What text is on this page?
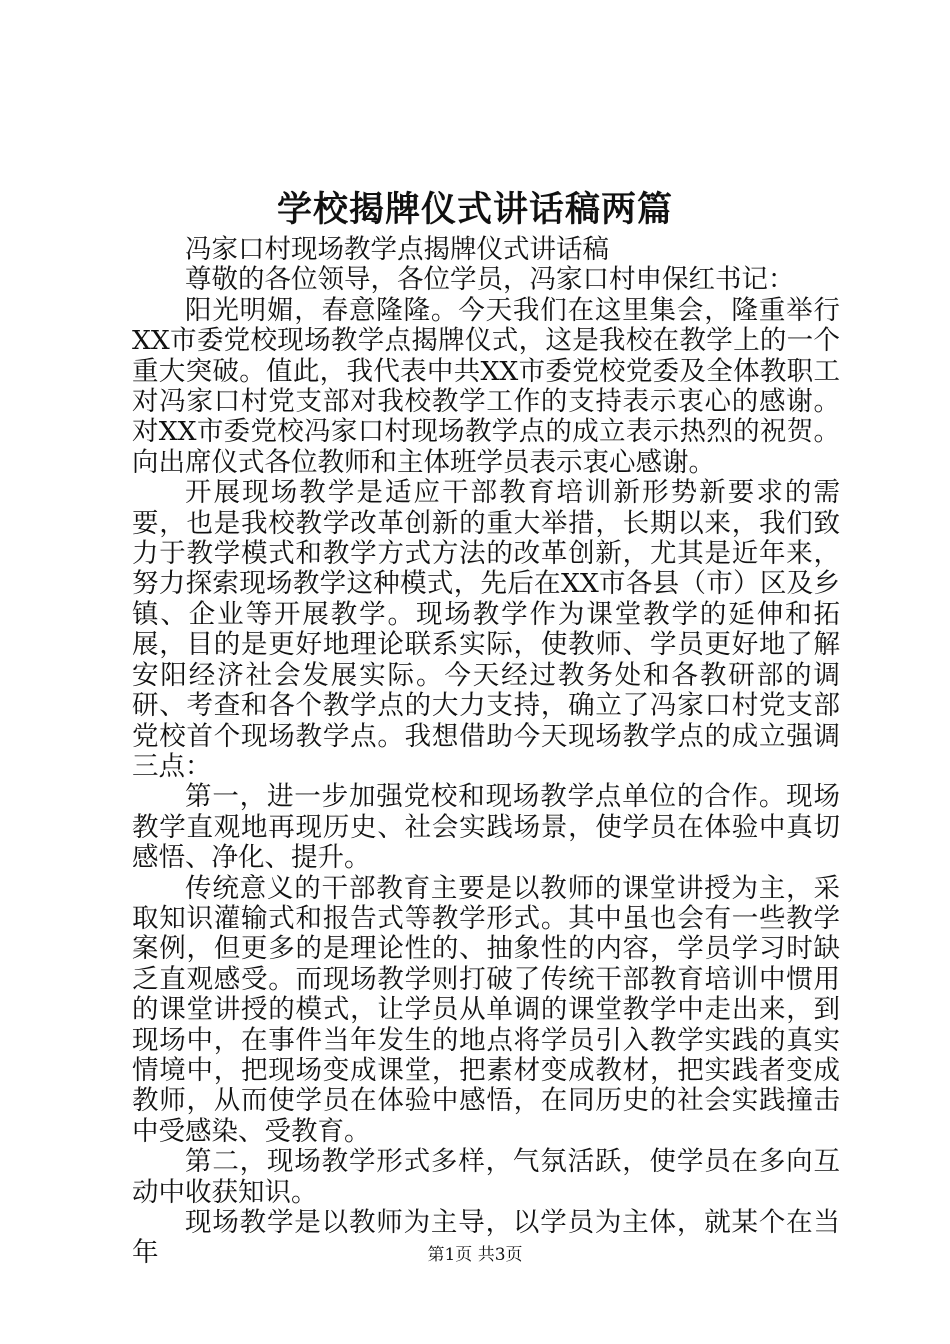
学校揭牌仪式讲话稿两篇

冯家口村现场教学点揭牌仪式讲话稿

尊敬的各位领导，各位学员，冯家口村申保红书记：

阳光明媚，春意隆隆。今天我们在这里集会，隆重举行XX市委党校现场教学点揭牌仪式，这是我校在教学上的一个重大突破。值此，我代表中共XX市委党校党委及全体教职工对冯家口村党支部对我校教学工作的支持表示衷心的感谢。对XX市委党校冯家口村现场教学点的成立表示热烈的祝贺。向出席仪式各位教师和主体班学员表示衷心感谢。

开展现场教学是适应干部教育培训新形势新要求的需要，也是我校教学改革创新的重大举措，长期以来，我们致力于教学模式和教学方式方法的改革创新，尤其是近年来，努力探索现场教学这种模式，先后在XX市各县（市）区及乡镇、企业等开展教学。现场教学作为课堂教学的延伸和拓展，目的是更好地理论联系实际，使教师、学员更好地了解安阳经济社会发展实际。今天经过教务处和各教研部的调研、考查和各个教学点的大力支持，确立了冯家口村党支部党校首个现场教学点。我想借助今天现场教学点的成立强调三点：

第一，进一步加强党校和现场教学点单位的合作。现场教学直观地再现历史、社会实践场景，使学员在体验中真切感悟、净化、提升。

传统意义的干部教育主要是以教师的课堂讲授为主，采取知识灌输式和报告式等教学形式。其中虽也会有一些教学案例，但更多的是理论性的、抽象性的内容，学员学习时缺乏直观感受。而现场教学则打破了传统干部教育培训中惯用的课堂讲授的模式，让学员从单调的课堂教学中走出来，到现场中，在事件当年发生的地点将学员引入教学实践的真实情境中，把现场变成课堂，把素材变成教材，把实践者变成教师，从而使学员在体验中感悟，在同历史的社会实践撞击中受感染、受教育。

第二，现场教学形式多样，气氛活跃，使学员在多向互动中收获知识。

现场教学是以教师为主导，以学员为主体，就某个在当年	第1页 共3页
